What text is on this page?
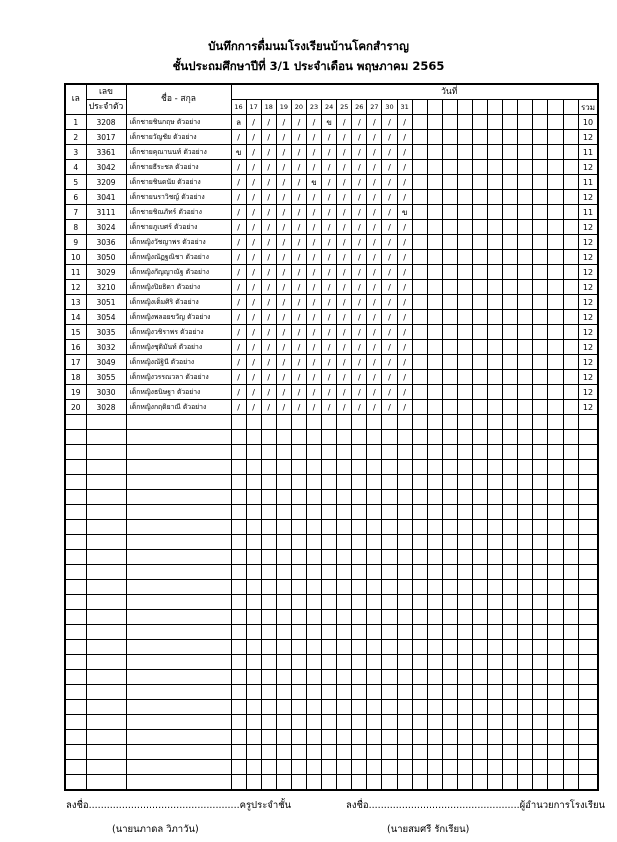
บันทึกการดื่มนมโรงเรียนบ้านโคกสำราญ
ชั้นประถมศึกษาปีที่ 3/1 ประจำเดือน พฤษภาคม 2565
เล	เลข	ชื่อ - สกุล	วันที่																							
	ประจำตัว		16	17	18	19	20	23	24	25	26	27	30	31												รวม
1	3208	เด็กชายชินกฤษ ตัวอย่าง	ล	/	/	/	/	/	ข	/	/	/	/	/												10
2	3017	เด็กชายวัญชัย ตัวอย่าง	/	/	/	/	/	/	/	/	/	/	/	/												12
3	3361	เด็กชายคุณานนท์ ตัวอย่าง	ข	/	/	/	/	/	/	/	/	/	/	/												11
4	3042	เด็กชายธีระชล ตัวอย่าง	/	/	/	/	/	/	/	/	/	/	/	/												12
5	3209	เด็กชายชินดนัย ตัวอย่าง	/	/	/	/	/	ข	/	/	/	/	/	/												11
6	3041	เด็กชายนราวิชญ์ ตัวอย่าง	/	/	/	/	/	/	/	/	/	/	/	/												12
7	3111	เด็กชายชิณภัทร์ ตัวอย่าง	/	/	/	/	/	/	/	/	/	/	/	ข												11
8	3024	เด็กชายภูเบศร์ ตัวอย่าง	/	/	/	/	/	/	/	/	/	/	/	/												12
9	3036	เด็กหญิงวัชญาพร ตัวอย่าง	/	/	/	/	/	/	/	/	/	/	/	/												12
10	3050	เด็กหญิงณัฏฐณิชา ตัวอย่าง	/	/	/	/	/	/	/	/	/	/	/	/												12
11	3029	เด็กหญิงกัญญาณัฐ ตัวอย่าง	/	/	/	/	/	/	/	/	/	/	/	/												12
12	3210	เด็กหญิงปิยธิดา ตัวอย่าง	/	/	/	/	/	/	/	/	/	/	/	/												12
13	3051	เด็กหญิงเต็มศิริ ตัวอย่าง	/	/	/	/	/	/	/	/	/	/	/	/												12
14	3054	เด็กหญิงพลอยขวัญ ตัวอย่าง	/	/	/	/	/	/	/	/	/	/	/	/												12
15	3035	เด็กหญิงวชิราพร ตัวอย่าง	/	/	/	/	/	/	/	/	/	/	/	/												12
16	3032	เด็กหญิงชุติมันท์ ตัวอย่าง	/	/	/	/	/	/	/	/	/	/	/	/												12
17	3049	เด็กหญิงณัฐินี ตัวอย่าง	/	/	/	/	/	/	/	/	/	/	/	/												12
18	3055	เด็กหญิงวรรณวลา ตัวอย่าง	/	/	/	/	/	/	/	/	/	/	/	/												12
19	3030	เด็กหญิงธนิษฐา ตัวอย่าง	/	/	/	/	/	/	/	/	/	/	/	/												12
20	3028	เด็กหญิงกฤติยาณี ตัวอย่าง	/	/	/	/	/	/	/	/	/	/	/	/												12

ลงชื่อ..................................................ครูประจำชั้น
(นายนภาดล วิภาวัน)
ลงชื่อ..................................................ผู้อำนวยการโรงเรียน
(นายสมศรี รักเรียน)
